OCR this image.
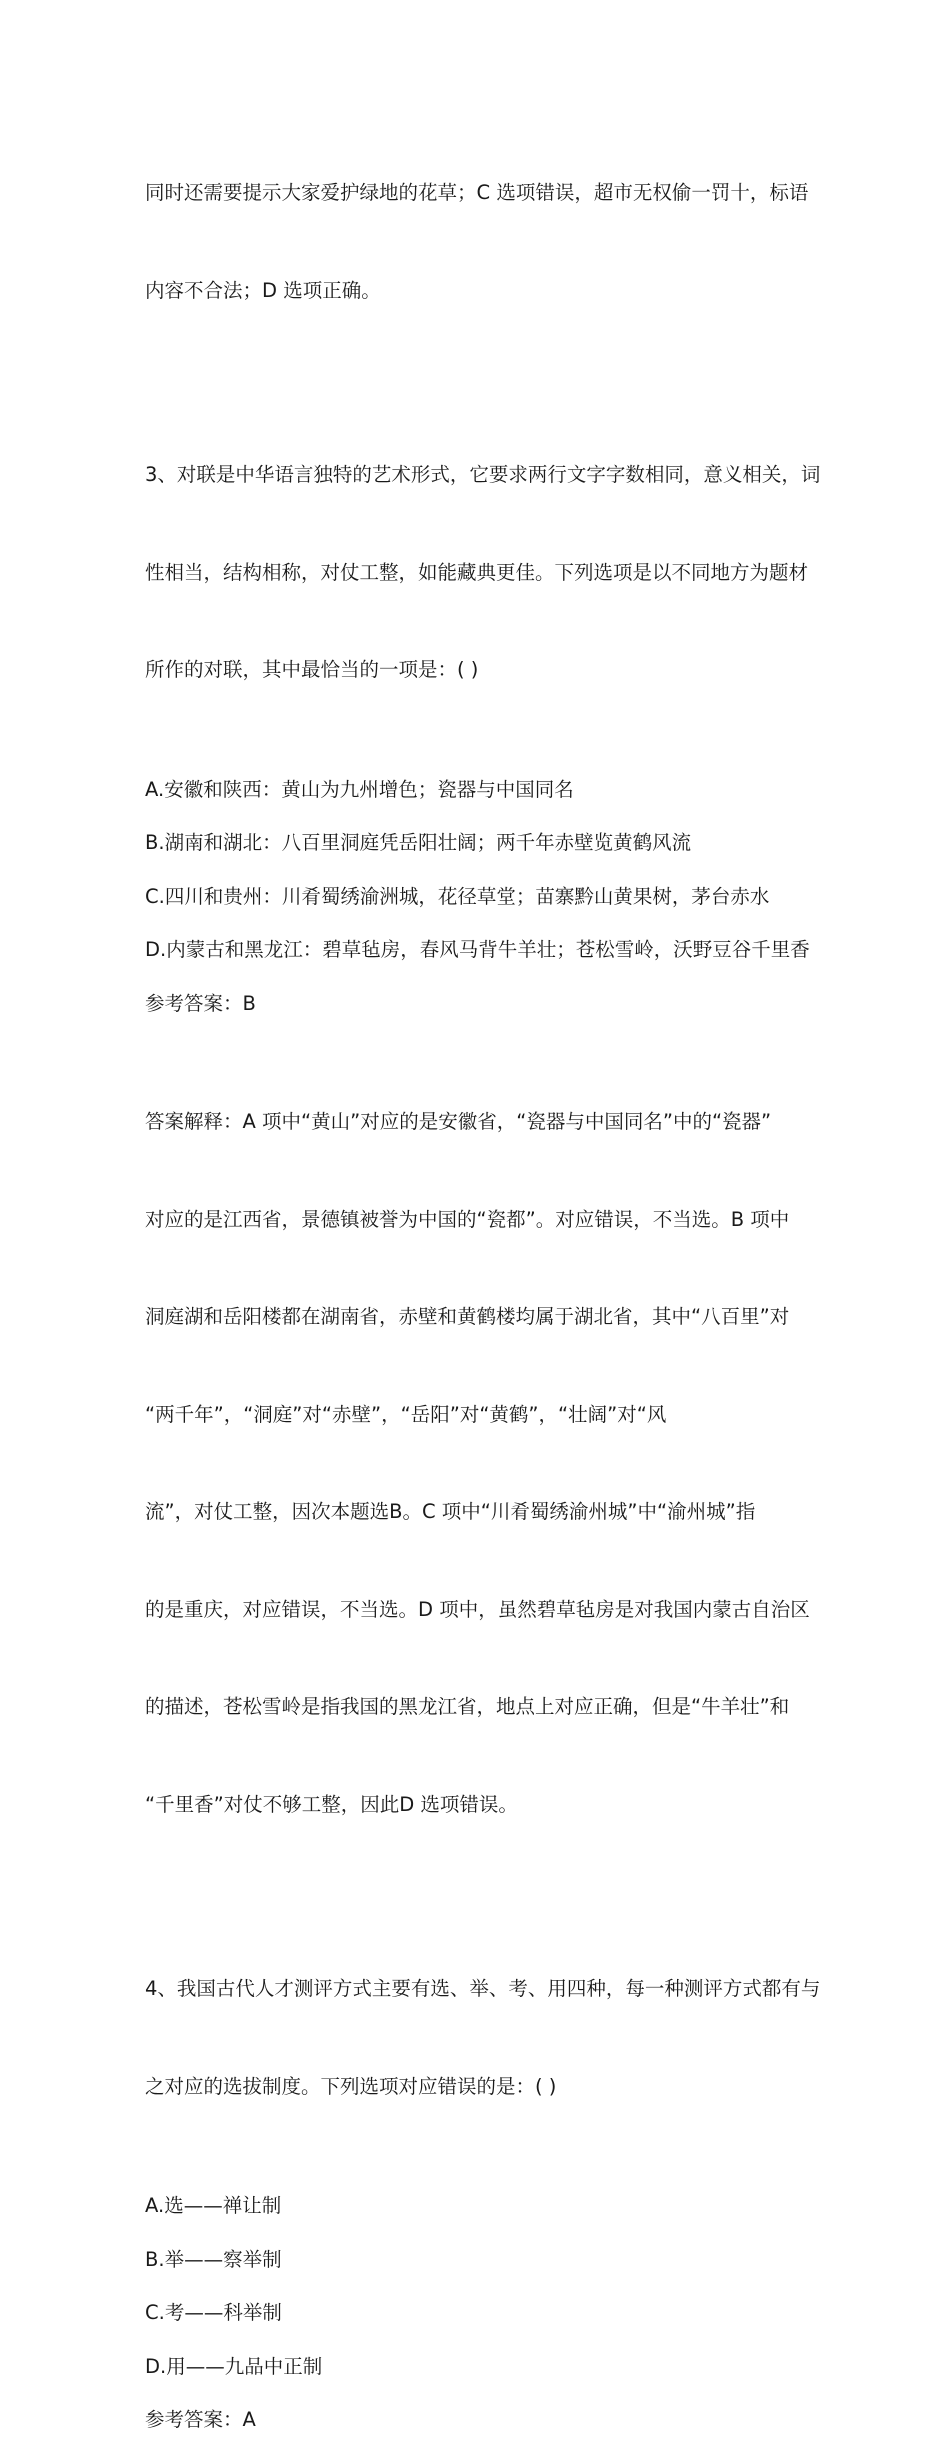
同时还需要提示大家爱护绿地的花草；C 选项错误，超市无权偷一罚十，标语

内容不合法；D 选项正确。

3、对联是中华语言独特的艺术形式，它要求两行文字字数相同，意义相关，词

性相当，结构相称，对仗工整，如能藏典更佳。下列选项是以不同地方为题材

所作的对联，其中最恰当的一项是：( )

A.安徽和陕西：黄山为九州增色；瓷器与中国同名
B.湖南和湖北：八百里洞庭凭岳阳壮阔；两千年赤壁览黄鹤风流
C.四川和贵州：川肴蜀绣渝洲城，花径草堂；苗寨黔山黄果树，茅台赤水
D.内蒙古和黑龙江：碧草毡房，春风马背牛羊壮；苍松雪岭，沃野豆谷千里香
参考答案：B

答案解释：A 项中“黄山”对应的是安徽省，“瓷器与中国同名”中的“瓷器”

对应的是江西省，景德镇被誉为中国的“瓷都”。对应错误，不当选。B 项中

洞庭湖和岳阳楼都在湖南省，赤壁和黄鹤楼均属于湖北省，其中“八百里”对

“两千年”，“洞庭”对“赤壁”，“岳阳”对“黄鹤”，“壮阔”对“风

流”，对仗工整，因次本题选B。C 项中“川肴蜀绣渝州城”中“渝州城”指

的是重庆，对应错误，不当选。D 项中，虽然碧草毡房是对我国内蒙古自治区

的描述，苍松雪岭是指我国的黑龙江省，地点上对应正确，但是“牛羊壮”和

“千里香”对仗不够工整，因此D 选项错误。

4、我国古代人才测评方式主要有选、举、考、用四种，每一种测评方式都有与

之对应的选拔制度。下列选项对应错误的是：( )

A.选——禅让制
B.举——察举制
C.考——科举制
D.用——九品中正制
参考答案：A
